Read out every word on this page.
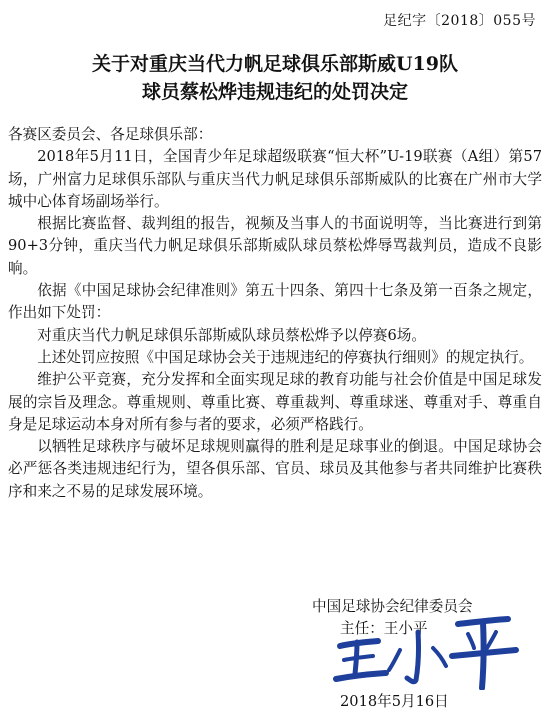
足纪字〔2018〕055号
关于对重庆当代力帆足球俱乐部斯威U19队
球员蔡松烨违规违纪的处罚决定

各赛区委员会、各足球俱乐部：

2018年5月11日，全国青少年足球超级联赛“恒大杯”U-19联赛（A组）第57场，广州富力足球俱乐部队与重庆当代力帆足球俱乐部斯威队的比赛在广州市大学城中心体育场副场举行。

根据比赛监督、裁判组的报告，视频及当事人的书面说明等，当比赛进行到第90+3分钟，重庆当代力帆足球俱乐部斯威队球员蔡松烨辱骂裁判员，造成不良影响。

依据《中国足球协会纪律准则》第五十四条、第四十七条及第一百条之规定，作出如下处罚：

对重庆当代力帆足球俱乐部斯威队球员蔡松烨予以停赛6场。

上述处罚应按照《中国足球协会关于违规违纪的停赛执行细则》的规定执行。

维护公平竞赛，充分发挥和全面实现足球的教育功能与社会价值是中国足球发展的宗旨及理念。尊重规则、尊重比赛、尊重裁判、尊重球迷、尊重对手、尊重自身是足球运动本身对所有参与者的要求，必须严格践行。

以牺牲足球秩序与破坏足球规则赢得的胜利是足球事业的倒退。中国足球协会必严惩各类违规违纪行为，望各俱乐部、官员、球员及其他参与者共同维护比赛秩序和来之不易的足球发展环境。

中国足球协会纪律委员会
主任：王小平
2018年5月16日
